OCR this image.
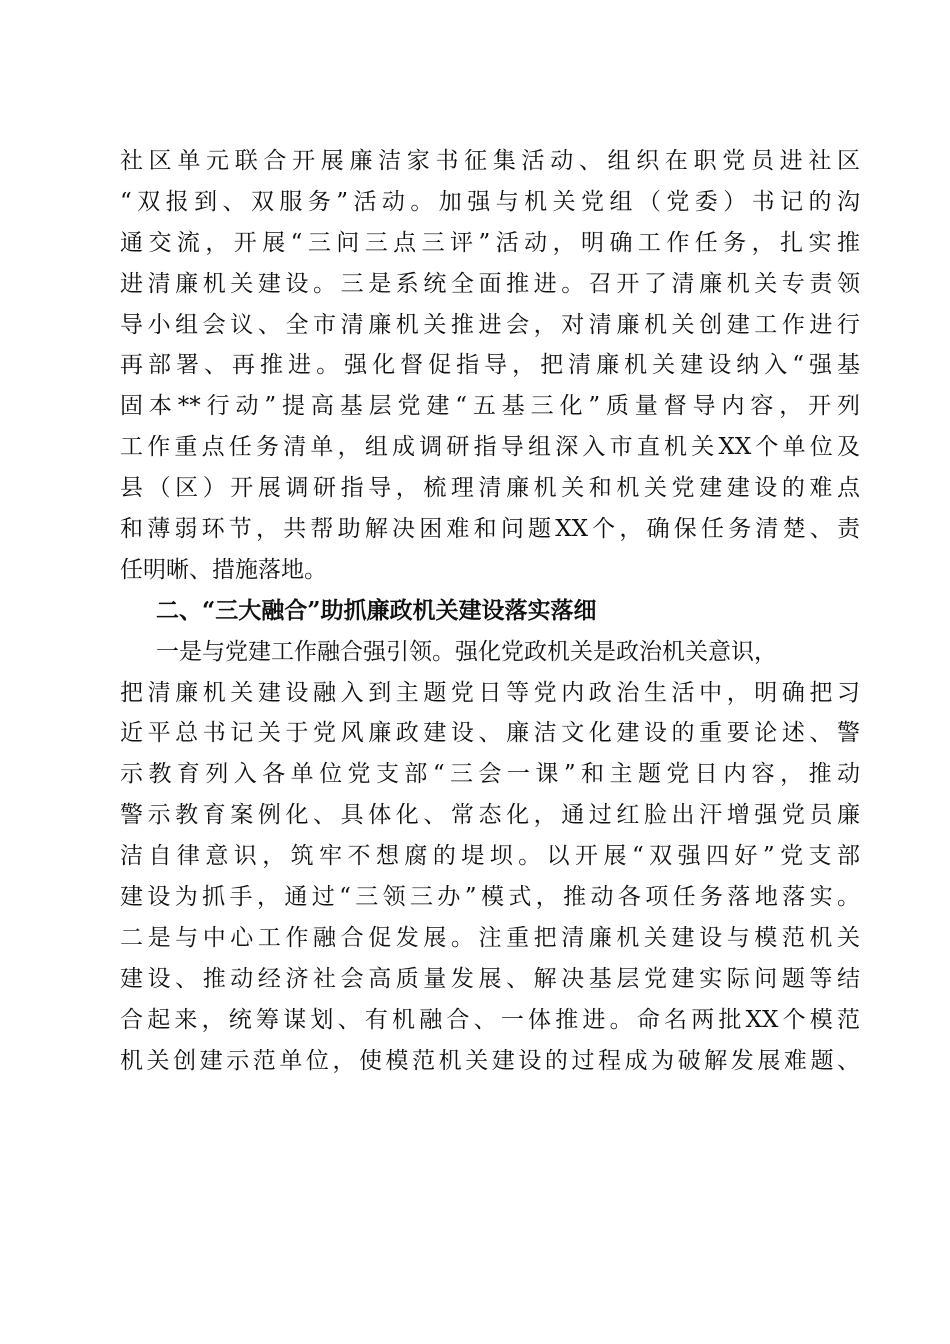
社区单元联合开展廉洁家书征集活动、组织在职党员进社区
“双报到、双服务”活动。加强与机关党组（党委）书记的沟
通交流，开展“三问三点三评”活动，明确工作任务，扎实推
进清廉机关建设。三是系统全面推进。召开了清廉机关专责领
导小组会议、全市清廉机关推进会，对清廉机关创建工作进行
再部署、再推进。强化督促指导，把清廉机关建设纳入“强基
固本**行动”提高基层党建“五基三化”质量督导内容，开列
工作重点任务清单，组成调研指导组深入市直机关XX个单位及
县（区）开展调研指导，梳理清廉机关和机关党建建设的难点
和薄弱环节，共帮助解决困难和问题XX个，确保任务清楚、责
任明晰、措施落地。
二、“三大融合”助抓廉政机关建设落实落细
一是与党建工作融合强引领。强化党政机关是政治机关意识，
把清廉机关建设融入到主题党日等党内政治生活中，明确把习
近平总书记关于党风廉政建设、廉洁文化建设的重要论述、警
示教育列入各单位党支部“三会一课”和主题党日内容，推动
警示教育案例化、具体化、常态化，通过红脸出汗增强党员廉
洁自律意识，筑牢不想腐的堤坝。以开展“双强四好”党支部
建设为抓手，通过“三领三办”模式，推动各项任务落地落实。
二是与中心工作融合促发展。注重把清廉机关建设与模范机关
建设、推动经济社会高质量发展、解决基层党建实际问题等结
合起来，统筹谋划、有机融合、一体推进。命名两批XX个模范
机关创建示范单位，使模范机关建设的过程成为破解发展难题、
